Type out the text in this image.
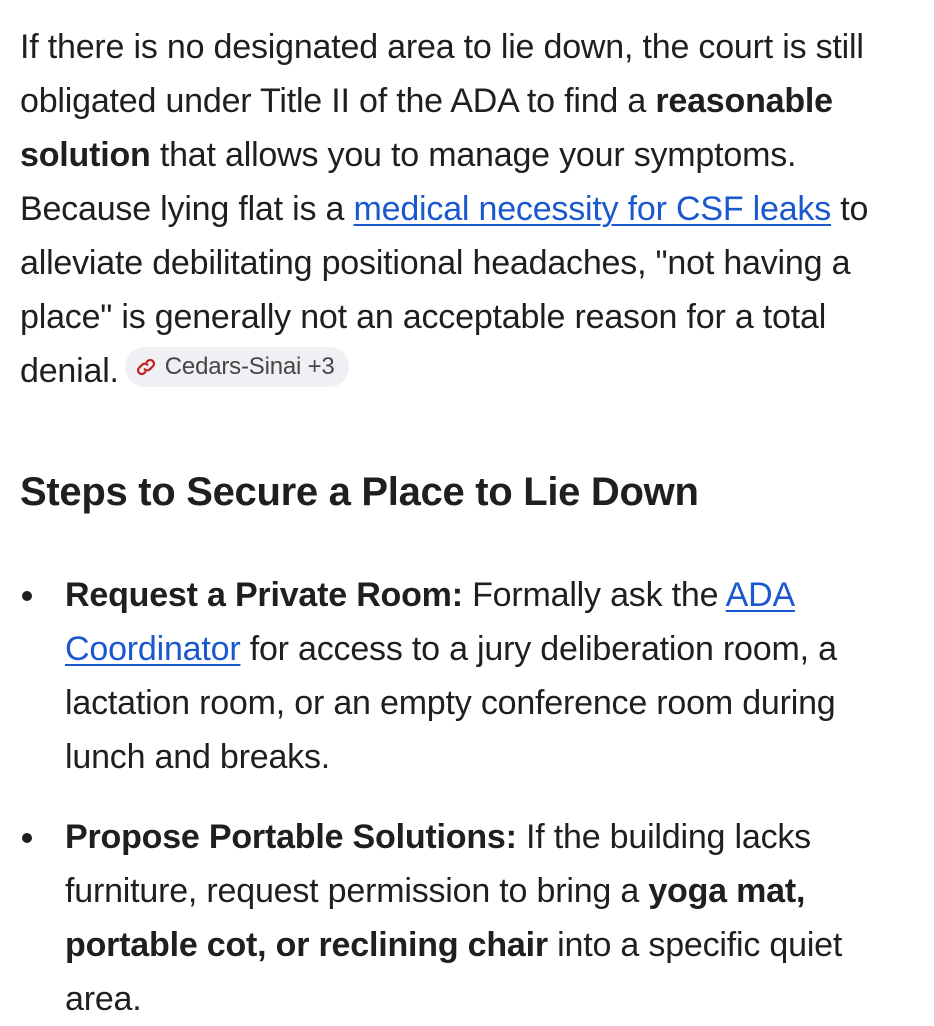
If there is no designated area to lie down, the court is still obligated under Title II of the ADA to find a reasonable solution that allows you to manage your symptoms. Because lying flat is a medical necessity for CSF leaks to alleviate debilitating positional headaches, "not having a place" is generally not an acceptable reason for a total denial. Cedars-Sinai +3

Steps to Secure a Place to Lie Down
Request a Private Room: Formally ask the ADA Coordinator for access to a jury deliberation room, a lactation room, or an empty conference room during lunch and breaks.
Propose Portable Solutions: If the building lacks furniture, request permission to bring a yoga mat, portable cot, or reclining chair into a specific quiet area.
